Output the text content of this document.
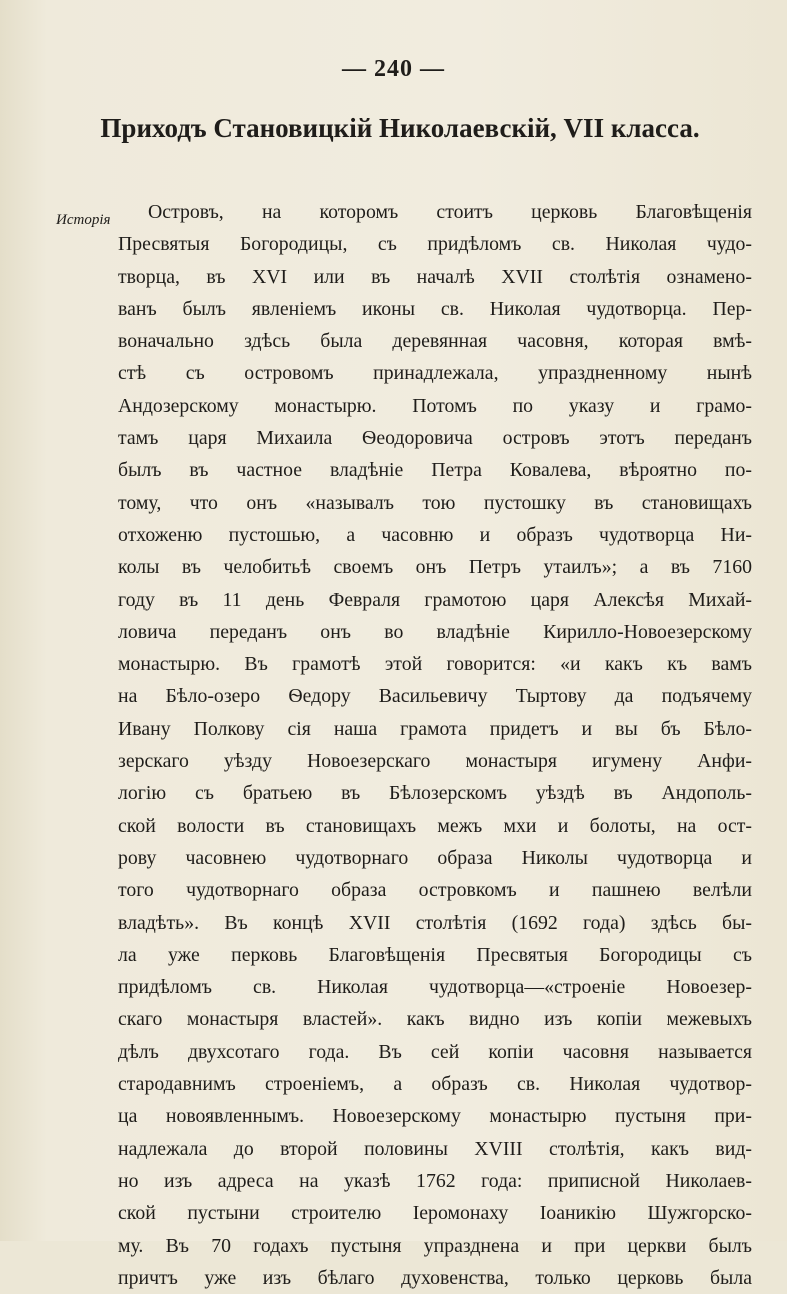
— 240 —
Приходъ Становицкій Николаевскій, VII класса.
Исторія	Островъ, на которомъ стоитъ церковь Благовѣщенія
Пресвятыя Богородицы, съ придѣломъ св. Николая чудо-
творца, въ XVI или въ началѣ XVII столѣтія ознамено-
ванъ былъ явленіемъ иконы св. Николая чудотворца. Пер-
воначально здѣсь была деревянная часовня, которая вмѣ-
стѣ съ островомъ принадлежала, упраздненному нынѣ
Андозерскому монастырю. Потомъ по указу и грамо-
тамъ царя Михаила Ѳеодоровича островъ этотъ переданъ
былъ въ частное владѣніе Петра Ковалева, вѣроятно по-
тому, что онъ «называлъ тою пустошку въ становищахъ
отхоженю пустошью, а часовню и образъ чудотворца Ни-
колы въ челобитьѣ своемъ онъ Петръ утаилъ»; а въ 7160
году въ 11 день Февраля грамотою царя Алексѣя Михай-
ловича переданъ онъ во владѣніе Кирилло-Новоезерскому
монастырю. Въ грамотѣ этой говорится: «и какъ къ вамъ
на Бѣло-озеро Ѳедору Васильевичу Тыртову да подъячему
Ивану Полкову сія наша грамота придетъ и вы бъ Бѣло-
зерскаго уѣзду Новоезерскаго монастыря игумену Анфи-
логію съ братьею въ Бѣлозерскомъ уѣздѣ въ Андополь-
ской волости въ становищахъ межъ мхи и болоты, на ост-
рову часовнею чудотворнаго образа Николы чудотворца и
того чудотворнаго образа островкомъ и пашнею велѣли
владѣть». Въ концѣ XVII столѣтія (1692 года) здѣсь бы-
ла уже перковь Благовѣщенія Пресвятыя Богородицы съ
придѣломъ св. Николая чудотворца—«строеніе Новоезер-
скаго монастыря властей». какъ видно изъ копіи межевыхъ
дѣлъ двухсотаго года. Въ сей копіи часовня называется
стародавнимъ строеніемъ, а образъ св. Николая чудотвор-
ца новоявленнымъ. Новоезерскому монастырю пустыня при-
надлежала до второй половины XVIII столѣтія, какъ вид-
но изъ адреса на указѣ 1762 года: приписной Николаев-
ской пустыни строителю Іеромонаху Іоаникію Шужгорско-
му. Въ 70 годахъ пустыня упразднена и при церкви былъ
причтъ уже изъ бѣлаго духовенства, только церковь была
